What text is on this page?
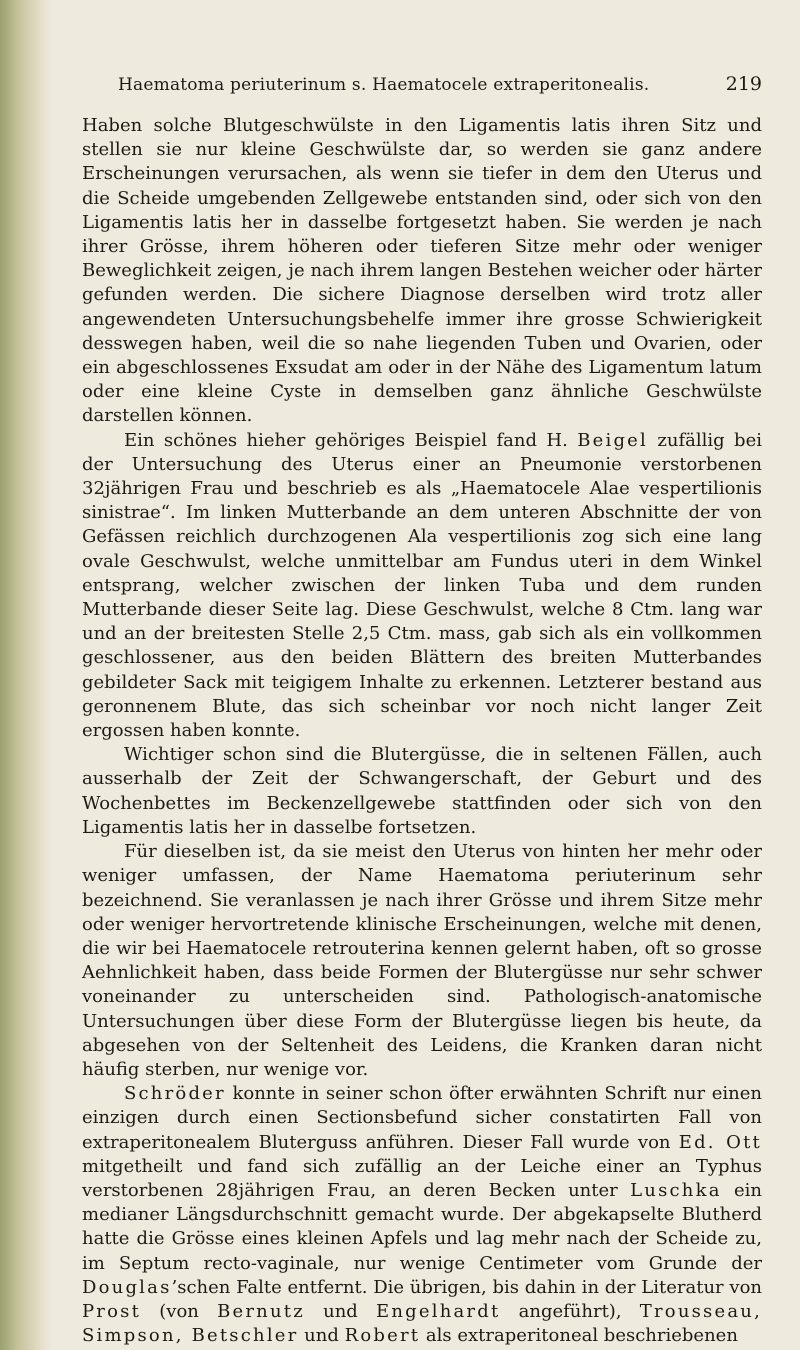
Haematoma periuterinum s. Haematocele extraperitonealis.	219

Haben solche Blutgeschwülste in den Ligamentis latis ihren Sitz und stellen sie nur kleine Geschwülste dar, so werden sie ganz andere Erscheinungen verursachen, als wenn sie tiefer in dem den Uterus und die Scheide umgebenden Zellgewebe entstanden sind, oder sich von den Ligamentis latis her in dasselbe fortgesetzt haben. Sie werden je nach ihrer Grösse, ihrem höheren oder tieferen Sitze mehr oder weniger Beweglichkeit zeigen, je nach ihrem langen Bestehen weicher oder härter gefunden werden. Die sichere Diagnose derselben wird trotz aller angewendeten Untersuchungsbehelfe immer ihre grosse Schwierigkeit desswegen haben, weil die so nahe liegenden Tuben und Ovarien, oder ein abgeschlossenes Exsudat am oder in der Nähe des Ligamentum latum oder eine kleine Cyste in demselben ganz ähnliche Geschwülste darstellen können.

Ein schönes hieher gehöriges Beispiel fand H. Beigel zufällig bei der Untersuchung des Uterus einer an Pneumonie verstorbenen 32jährigen Frau und beschrieb es als „Haematocele Alae vespertilionis sinistrae“. Im linken Mutterbande an dem unteren Abschnitte der von Gefässen reichlich durchzogenen Ala vespertilionis zog sich eine lang ovale Geschwulst, welche unmittelbar am Fundus uteri in dem Winkel entsprang, welcher zwischen der linken Tuba und dem runden Mutterbande dieser Seite lag. Diese Geschwulst, welche 8 Ctm. lang war und an der breitesten Stelle 2,5 Ctm. mass, gab sich als ein vollkommen geschlossener, aus den beiden Blättern des breiten Mutterbandes gebildeter Sack mit teigigem Inhalte zu erkennen. Letzterer bestand aus geronnenem Blute, das sich scheinbar vor noch nicht langer Zeit ergossen haben konnte.

Wichtiger schon sind die Blutergüsse, die in seltenen Fällen, auch ausserhalb der Zeit der Schwangerschaft, der Geburt und des Wochenbettes im Beckenzellgewebe stattfinden oder sich von den Ligamentis latis her in dasselbe fortsetzen.

Für dieselben ist, da sie meist den Uterus von hinten her mehr oder weniger umfassen, der Name Haematoma periuterinum sehr bezeichnend. Sie veranlassen je nach ihrer Grösse und ihrem Sitze mehr oder weniger hervortretende klinische Erscheinungen, welche mit denen, die wir bei Haematocele retrouterina kennen gelernt haben, oft so grosse Aehnlichkeit haben, dass beide Formen der Blutergüsse nur sehr schwer voneinander zu unterscheiden sind. Pathologisch-anatomische Untersuchungen über diese Form der Blutergüsse liegen bis heute, da abgesehen von der Seltenheit des Leidens, die Kranken daran nicht häufig sterben, nur wenige vor.

Schröder konnte in seiner schon öfter erwähnten Schrift nur einen einzigen durch einen Sectionsbefund sicher constatirten Fall von extraperitonealem Bluterguss anführen. Dieser Fall wurde von Ed. Ott mitgetheilt und fand sich zufällig an der Leiche einer an Typhus verstorbenen 28jährigen Frau, an deren Becken unter Luschka ein medianer Längsdurchschnitt gemacht wurde. Der abgekapselte Blutherd hatte die Grösse eines kleinen Apfels und lag mehr nach der Scheide zu, im Septum recto-vaginale, nur wenige Centimeter vom Grunde der Douglas’schen Falte entfernt. Die übrigen, bis dahin in der Literatur von Prost (von Bernutz und Engelhardt angeführt), Trousseau, Simpson, Betschler und Robert als extraperitoneal beschriebenen
